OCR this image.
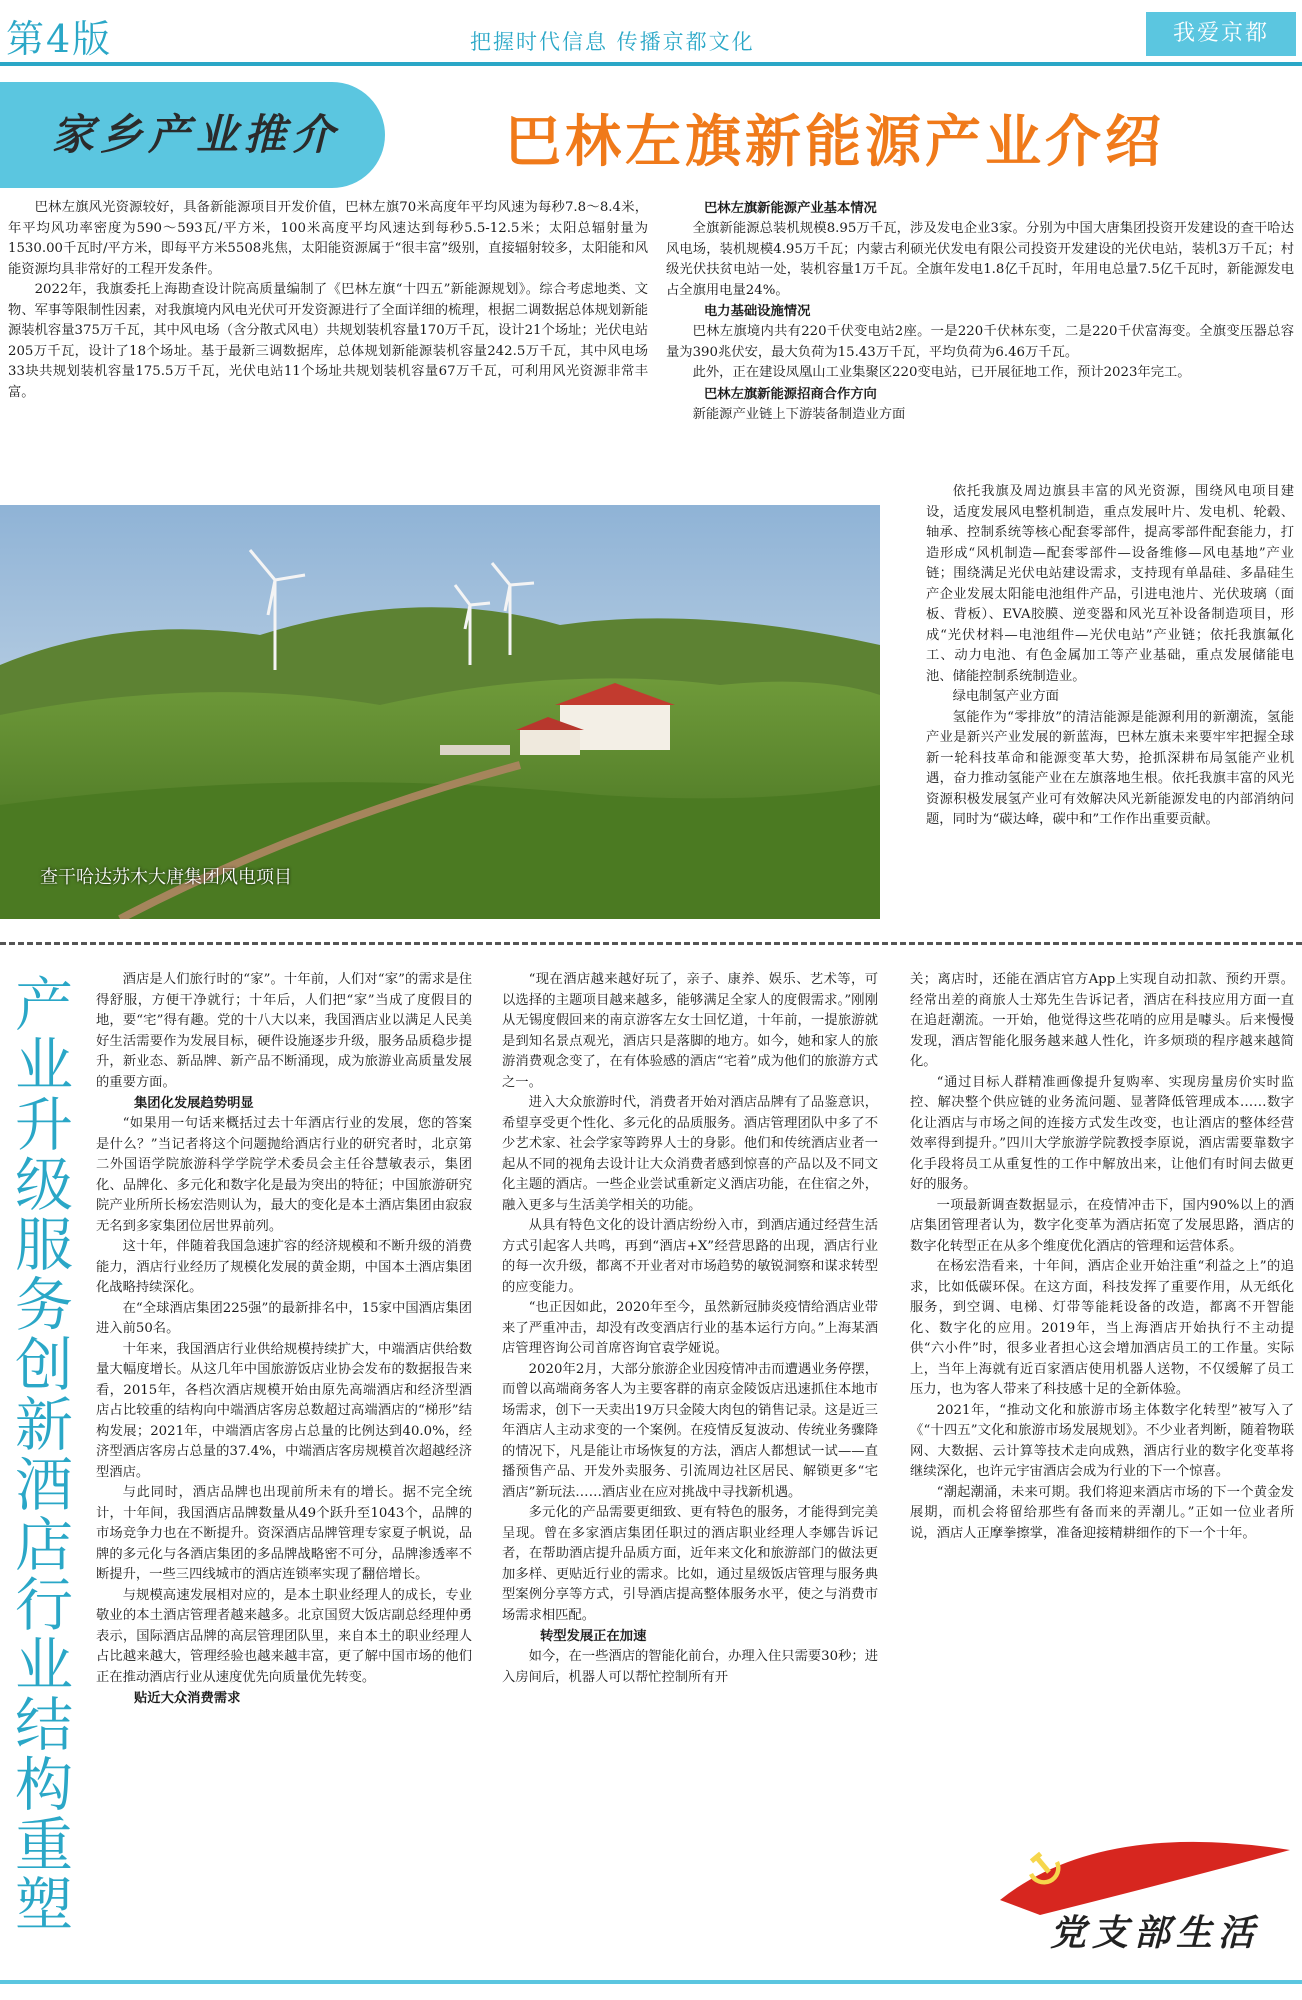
第4版	把握时代信息 传播京都文化	我爱京都
家乡产业推介	巴林左旗新能源产业介绍

巴林左旗风光资源较好，具备新能源项目开发价值，巴林左旗70米高度年平均风速为每秒7.8～8.4米，年平均风功率密度为590～593瓦/平方米，100米高度平均风速达到每秒5.5-12.5米；太阳总辐射量为1530.00千瓦时/平方米，即每平方米5508兆焦，太阳能资源属于“很丰富”级别，直接辐射较多，太阳能和风能资源均具非常好的工程开发条件。

2022年，我旗委托上海勘查设计院高质量编制了《巴林左旗“十四五”新能源规划》。综合考虑地类、文物、军事等限制性因素，对我旗境内风电光伏可开发资源进行了全面详细的梳理，根据二调数据总体规划新能源装机容量375万千瓦，其中风电场（含分散式风电）共规划装机容量170万千瓦，设计21个场址；光伏电站205万千瓦，设计了18个场址。基于最新三调数据库，总体规划新能源装机容量242.5万千瓦，其中风电场33块共规划装机容量175.5万千瓦，光伏电站11个场址共规划装机容量67万千瓦，可利用风光资源非常丰富。

巴林左旗新能源产业基本情况

全旗新能源总装机规模8.95万千瓦，涉及发电企业3家。分别为中国大唐集团投资开发建设的查干哈达风电场，装机规模4.95万千瓦；内蒙古利硕光伏发电有限公司投资开发建设的光伏电站，装机3万千瓦；村级光伏扶贫电站一处，装机容量1万千瓦。全旗年发电1.8亿千瓦时，年用电总量7.5亿千瓦时，新能源发电占全旗用电量24%。

电力基础设施情况

巴林左旗境内共有220千伏变电站2座。一是220千伏林东变，二是220千伏富海变。全旗变压器总容量为390兆伏安，最大负荷为15.43万千瓦，平均负荷为6.46万千瓦。

此外，正在建设凤凰山工业集聚区220变电站，已开展征地工作，预计2023年完工。

巴林左旗新能源招商合作方向

新能源产业链上下游装备制造业方面

查干哈达苏木大唐集团风电项目

依托我旗及周边旗县丰富的风光资源，围绕风电项目建设，适度发展风电整机制造，重点发展叶片、发电机、轮毂、轴承、控制系统等核心配套零部件，提高零部件配套能力，打造形成“风机制造—配套零部件—设备维修—风电基地”产业链；围绕满足光伏电站建设需求，支持现有单晶硅、多晶硅生产企业发展太阳能电池组件产品，引进电池片、光伏玻璃（面板、背板）、EVA胶膜、逆变器和风光互补设备制造项目，形成“光伏材料—电池组件—光伏电站”产业链；依托我旗氟化工、动力电池、有色金属加工等产业基础，重点发展储能电池、储能控制系统制造业。

绿电制氢产业方面

氢能作为“零排放”的清洁能源是能源利用的新潮流，氢能产业是新兴产业发展的新蓝海，巴林左旗未来要牢牢把握全球新一轮科技革命和能源变革大势，抢抓深耕布局氢能产业机遇，奋力推动氢能产业在左旗落地生根。依托我旗丰富的风光资源积极发展氢产业可有效解决风光新能源发电的内部消纳问题，同时为“碳达峰，碳中和”工作作出重要贡献。

产业升级服务创新 酒店行业结构重塑

酒店是人们旅行时的“家”。十年前，人们对“家”的需求是住得舒服，方便干净就行；十年后，人们把“家”当成了度假目的地，要“宅”得有趣。党的十八大以来，我国酒店业以满足人民美好生活需要作为发展目标，硬件设施逐步升级，服务品质稳步提升，新业态、新品牌、新产品不断涌现，成为旅游业高质量发展的重要方面。

集团化发展趋势明显

“如果用一句话来概括过去十年酒店行业的发展，您的答案是什么？”当记者将这个问题抛给酒店行业的研究者时，北京第二外国语学院旅游科学学院学术委员会主任谷慧敏表示，集团化、品牌化、多元化和数字化是最为突出的特征；中国旅游研究院产业所所长杨宏浩则认为，最大的变化是本土酒店集团由寂寂无名到多家集团位居世界前列。

这十年，伴随着我国急速扩容的经济规模和不断升级的消费能力，酒店行业经历了规模化发展的黄金期，中国本土酒店集团化战略持续深化。

在“全球酒店集团225强”的最新排名中，15家中国酒店集团进入前50名。

十年来，我国酒店行业供给规模持续扩大，中端酒店供给数量大幅度增长。从这几年中国旅游饭店业协会发布的数据报告来看，2015年，各档次酒店规模开始由原先高端酒店和经济型酒店占比较重的结构向中端酒店客房总数超过高端酒店的“梯形”结构发展；2021年，中端酒店客房占总量的比例达到40.0%，经济型酒店客房占总量的37.4%，中端酒店客房规模首次超越经济型酒店。

与此同时，酒店品牌也出现前所未有的增长。据不完全统计，十年间，我国酒店品牌数量从49个跃升至1043个，品牌的市场竞争力也在不断提升。资深酒店品牌管理专家夏子帆说，品牌的多元化与各酒店集团的多品牌战略密不可分，品牌渗透率不断提升，一些三四线城市的酒店连锁率实现了翻倍增长。

与规模高速发展相对应的，是本土职业经理人的成长，专业敬业的本土酒店管理者越来越多。北京国贸大饭店副总经理仲勇表示，国际酒店品牌的高层管理团队里，来自本土的职业经理人占比越来越大，管理经验也越来越丰富，更了解中国市场的他们正在推动酒店行业从速度优先向质量优先转变。

贴近大众消费需求

“现在酒店越来越好玩了，亲子、康养、娱乐、艺术等，可以选择的主题项目越来越多，能够满足全家人的度假需求。”刚刚从无锡度假回来的南京游客左女士回忆道，十年前，一提旅游就是到知名景点观光，酒店只是落脚的地方。如今，她和家人的旅游消费观念变了，在有体验感的酒店“宅着”成为他们的旅游方式之一。

进入大众旅游时代，消费者开始对酒店品牌有了品鉴意识，希望享受更个性化、多元化的品质服务。酒店管理团队中多了不少艺术家、社会学家等跨界人士的身影。他们和传统酒店业者一起从不同的视角去设计让大众消费者感到惊喜的产品以及不同文化主题的酒店。一些企业尝试重新定义酒店功能，在住宿之外，融入更多与生活美学相关的功能。

从具有特色文化的设计酒店纷纷入市，到酒店通过经营生活方式引起客人共鸣，再到“酒店+X”经营思路的出现，酒店行业的每一次升级，都离不开业者对市场趋势的敏锐洞察和谋求转型的应变能力。

“也正因如此，2020年至今，虽然新冠肺炎疫情给酒店业带来了严重冲击，却没有改变酒店行业的基本运行方向。”上海某酒店管理咨询公司首席咨询官袁学娅说。

2020年2月，大部分旅游企业因疫情冲击而遭遇业务停摆，而曾以高端商务客人为主要客群的南京金陵饭店迅速抓住本地市场需求，创下一天卖出19万只金陵大肉包的销售记录。这是近三年酒店人主动求变的一个案例。在疫情反复波动、传统业务骤降的情况下，凡是能让市场恢复的方法，酒店人都想试一试——直播预售产品、开发外卖服务、引流周边社区居民、解锁更多“宅酒店”新玩法……酒店业在应对挑战中寻找新机遇。

多元化的产品需要更细致、更有特色的服务，才能得到完美呈现。曾在多家酒店集团任职过的酒店职业经理人李娜告诉记者，在帮助酒店提升品质方面，近年来文化和旅游部门的做法更加多样、更贴近行业的需求。比如，通过星级饭店管理与服务典型案例分享等方式，引导酒店提高整体服务水平，使之与消费市场需求相匹配。

转型发展正在加速

如今，在一些酒店的智能化前台，办理入住只需要30秒；进入房间后，机器人可以帮忙控制所有开

关；离店时，还能在酒店官方App上实现自动扣款、预约开票。经常出差的商旅人士郑先生告诉记者，酒店在科技应用方面一直在追赶潮流。一开始，他觉得这些花哨的应用是噱头。后来慢慢发现，酒店智能化服务越来越人性化，许多烦琐的程序越来越简化。

“通过目标人群精准画像提升复购率、实现房量房价实时监控、解决整个供应链的业务流问题、显著降低管理成本……数字化让酒店与市场之间的连接方式发生改变，也让酒店的整体经营效率得到提升。”四川大学旅游学院教授李原说，酒店需要靠数字化手段将员工从重复性的工作中解放出来，让他们有时间去做更好的服务。

一项最新调查数据显示，在疫情冲击下，国内90%以上的酒店集团管理者认为，数字化变革为酒店拓宽了发展思路，酒店的数字化转型正在从多个维度优化酒店的管理和运营体系。

在杨宏浩看来，十年间，酒店企业开始注重“利益之上”的追求，比如低碳环保。在这方面，科技发挥了重要作用，从无纸化服务，到空调、电梯、灯带等能耗设备的改造，都离不开智能化、数字化的应用。2019年，当上海酒店开始执行不主动提供“六小件”时，很多业者担心这会增加酒店员工的工作量。实际上，当年上海就有近百家酒店使用机器人送物，不仅缓解了员工压力，也为客人带来了科技感十足的全新体验。

2021年，“推动文化和旅游市场主体数字化转型”被写入了《“十四五”文化和旅游市场发展规划》。不少业者判断，随着物联网、大数据、云计算等技术走向成熟，酒店行业的数字化变革将继续深化，也许元宇宙酒店会成为行业的下一个惊喜。

“潮起潮涌，未来可期。我们将迎来酒店市场的下一个黄金发展期，而机会将留给那些有备而来的弄潮儿。”正如一位业者所说，酒店人正摩拳擦掌，准备迎接精耕细作的下一个十年。

党支部生活
